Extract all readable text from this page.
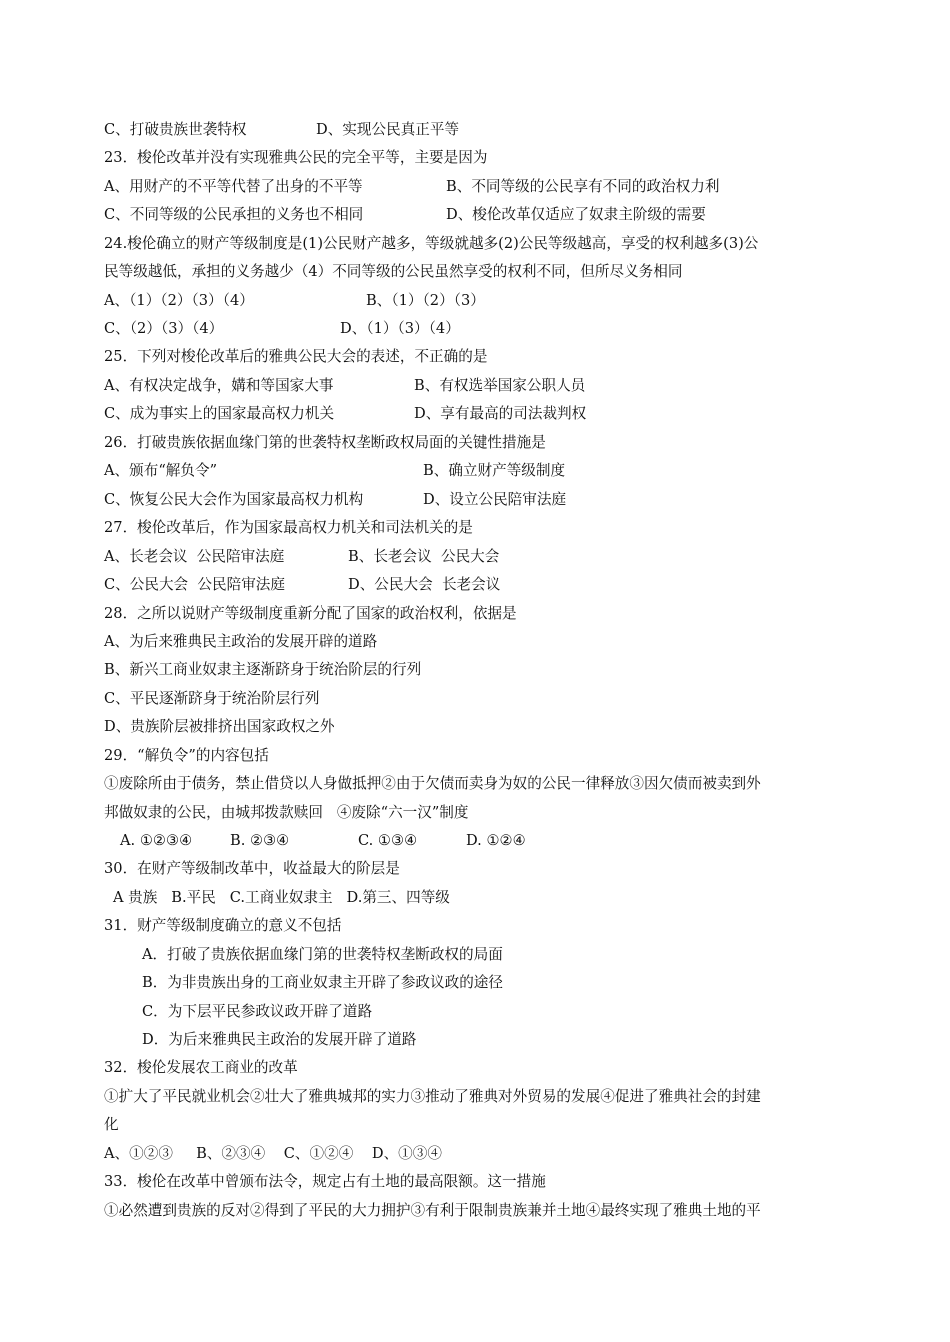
C、打破贵族世袭特权	D、实现公民真正平等
23．梭伦改革并没有实现雅典公民的完全平等，主要是因为
A、用财产的不平等代替了出身的不平等	B、不同等级的公民享有不同的政治权力利
C、不同等级的公民承担的义务也不相同	D、梭伦改革仅适应了奴隶主阶级的需要
24.梭伦确立的财产等级制度是(1)公民财产越多，等级就越多(2)公民等级越高，享受的权利越多(3)公
民等级越低，承担的义务越少（4）不同等级的公民虽然享受的权利不同，但所尽义务相同
A、（1）（2）（3）（4）	B、（1）（2）（3）
C、（2）（3）（4）	D、（1）（3）（4）
25．下列对梭伦改革后的雅典公民大会的表述，不正确的是
A、有权决定战争，媾和等国家大事	B、有权选举国家公职人员
C、成为事实上的国家最高权力机关	D、享有最高的司法裁判权
26．打破贵族依据血缘门第的世袭特权垄断政权局面的关键性措施是
A、颁布“解负令”	B、确立财产等级制度
C、恢复公民大会作为国家最高权力机构	D、设立公民陪审法庭
27．梭伦改革后，作为国家最高权力机关和司法机关的是
A、长老会议  公民陪审法庭	B、长老会议  公民大会
C、公民大会  公民陪审法庭	D、公民大会  长老会议
28．之所以说财产等级制度重新分配了国家的政治权利，依据是
A、为后来雅典民主政治的发展开辟的道路
B、新兴工商业奴隶主逐渐跻身于统治阶层的行列
C、平民逐渐跻身于统治阶层行列
D、贵族阶层被排挤出国家政权之外
29．“解负令”的内容包括
①废除所由于债务，禁止借贷以人身做抵押②由于欠债而卖身为奴的公民一律释放③因欠债而被卖到外
邦做奴隶的公民，由城邦拨款赎回   ④废除“六一汉”制度
A. ①②③④	B. ②③④	C. ①③④	D. ①②④
30．在财产等级制改革中，收益最大的阶层是
A 贵族   B.平民   C.工商业奴隶主   D.第三、四等级
31．财产等级制度确立的意义不包括
A．打破了贵族依据血缘门第的世袭特权垄断政权的局面
B．为非贵族出身的工商业奴隶主开辟了参政议政的途径
C．为下层平民参政议政开辟了道路
D．为后来雅典民主政治的发展开辟了道路
32．梭伦发展农工商业的改革
①扩大了平民就业机会②壮大了雅典城邦的实力③推动了雅典对外贸易的发展④促进了雅典社会的封建
化
A、①②③     B、②③④    C、①②④    D、①③④
33．梭伦在改革中曾颁布法令，规定占有土地的最高限额。这一措施
①必然遭到贵族的反对②得到了平民的大力拥护③有利于限制贵族兼并土地④最终实现了雅典土地的平
